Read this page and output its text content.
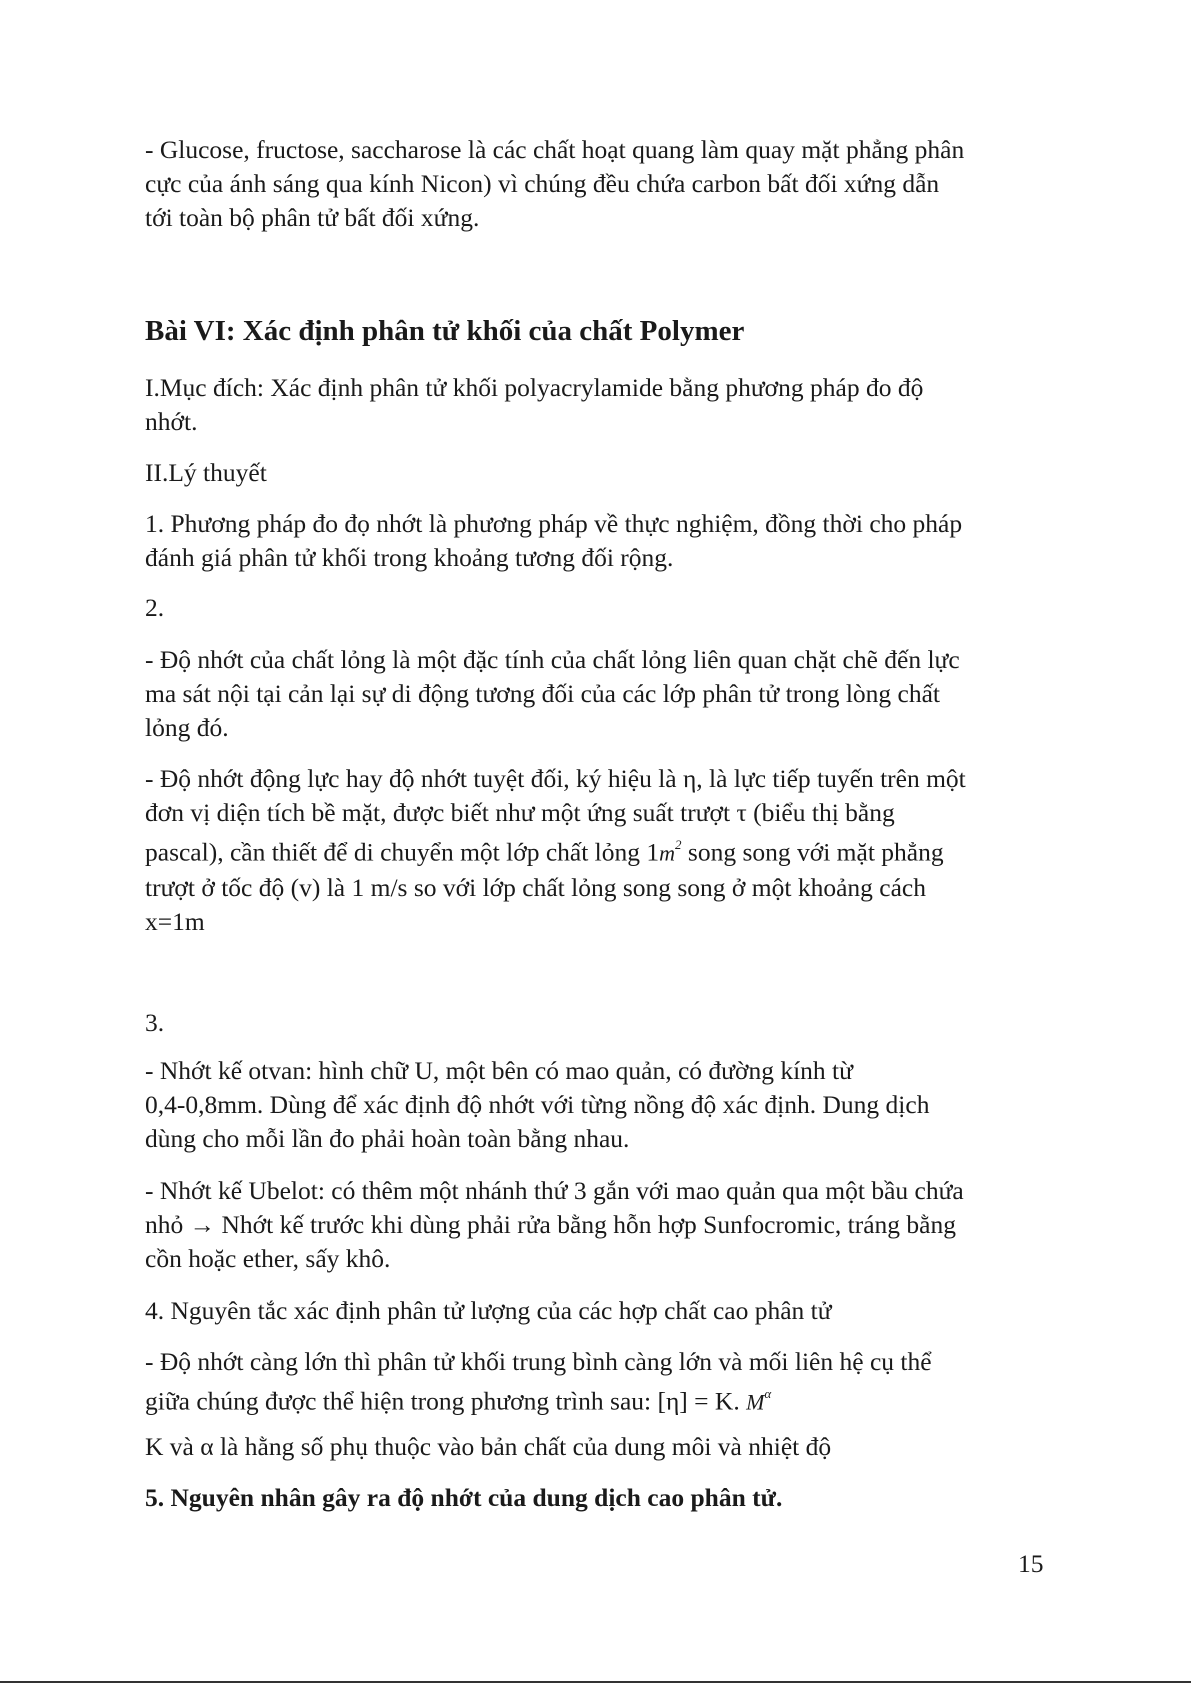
- Glucose, fructose, saccharose là các chất hoạt quang làm quay mặt phẳng phân

cực của ánh sáng qua kính Nicon) vì chúng đều chứa carbon bất đối xứng dẫn

tới toàn bộ phân tử bất đối xứng.

Bài VI: Xác định phân tử khối của chất Polymer

I.Mục đích: Xác định phân tử khối polyacrylamide bằng phương pháp đo độ

nhớt.

II.Lý thuyết

1. Phương pháp đo đọ nhớt là phương pháp về thực nghiệm, đồng thời cho pháp

đánh giá phân tử khối trong khoảng tương đối rộng.

2.

- Độ nhớt của chất lỏng là một đặc tính của chất lỏng liên quan chặt chẽ đến lực

ma sát nội tại cản lại sự di động tương đối của các lớp phân tử trong lòng chất

lỏng đó.

- Độ nhớt động lực hay độ nhớt tuyệt đối, ký hiệu là η, là lực tiếp tuyến trên một

đơn vị diện tích bề mặt, được biết như một ứng suất trượt τ (biểu thị bằng

pascal), cần thiết để di chuyển một lớp chất lỏng $1m^2$ song song với mặt phẳng

trượt ở tốc độ (v) là 1 m/s so với lớp chất lỏng song song ở một khoảng cách

x=1m

3.

- Nhớt kế otvan: hình chữ U, một bên có mao quản, có đường kính từ

0,4-0,8mm. Dùng để xác định độ nhớt với từng nồng độ xác định. Dung dịch

dùng cho mỗi lần đo phải hoàn toàn bằng nhau.

- Nhớt kế Ubelot: có thêm một nhánh thứ 3 gắn với mao quản qua một bầu chứa

nhỏ → Nhớt kế trước khi dùng phải rửa bằng hỗn hợp Sunfocromic, tráng bằng

cồn hoặc ether, sấy khô.

4. Nguyên tắc xác định phân tử lượng của các hợp chất cao phân tử

- Độ nhớt càng lớn thì phân tử khối trung bình càng lớn và mối liên hệ cụ thể

giữa chúng được thể hiện trong phương trình sau: [η] = K. $M^\alpha$

K và α là hằng số phụ thuộc vào bản chất của dung môi và nhiệt độ

5. Nguyên nhân gây ra độ nhớt của dung dịch cao phân tử.

15
